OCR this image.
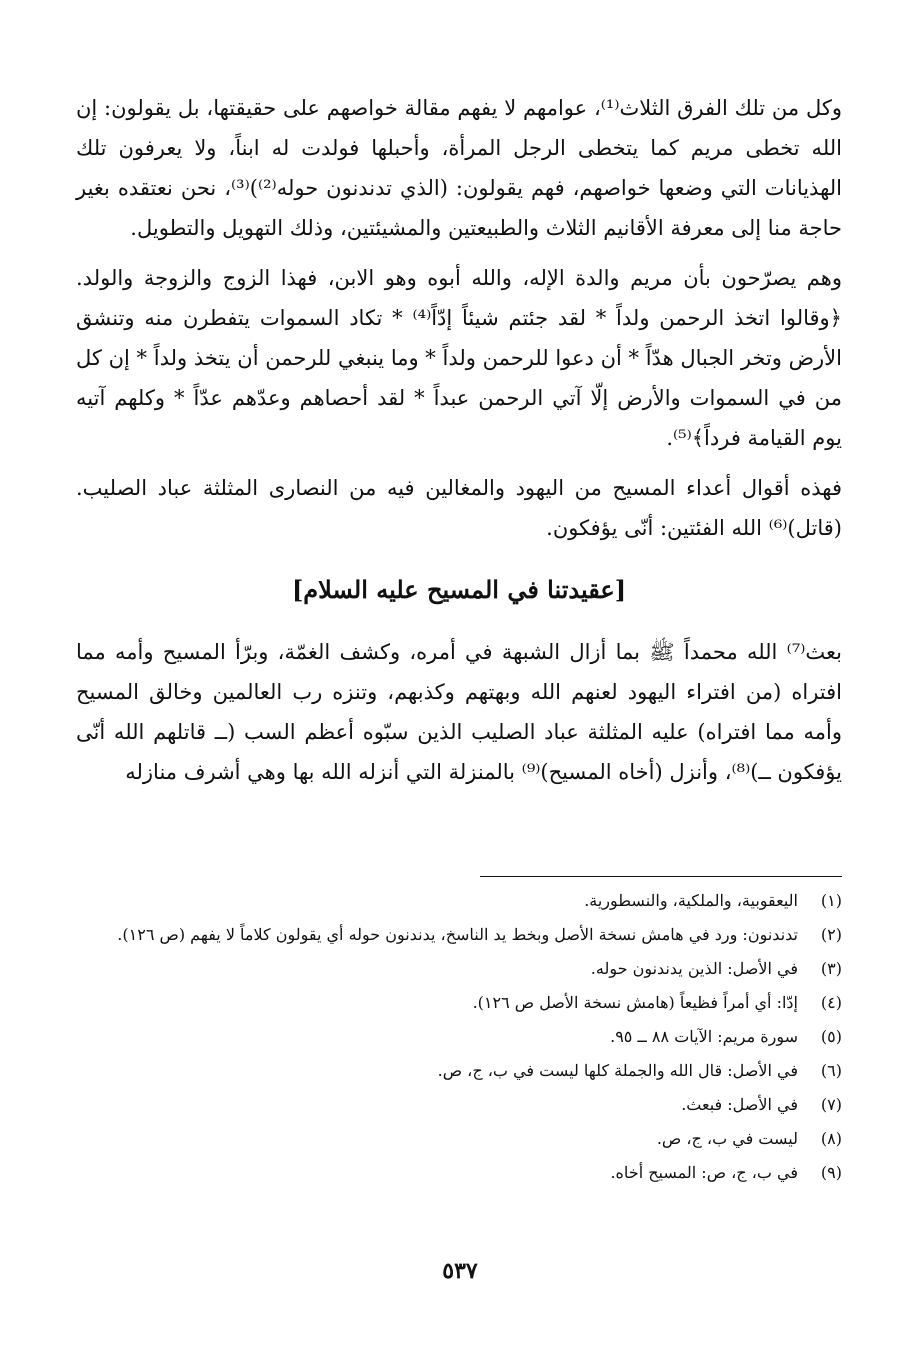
وكل من تلك الفرق الثلاث⁽¹⁾، عوامهم لا يفهم مقالة خواصهم على حقيقتها، بل يقولون: إن الله تخطى مريم كما يتخطى الرجل المرأة، وأحبلها فولدت له ابناً، ولا يعرفون تلك الهذيانات التي وضعها خواصهم، فهم يقولون: (الذي تدندنون حوله⁽²⁾)⁽³⁾، نحن نعتقده بغير حاجة منا إلى معرفة الأقانيم الثلاث والطبيعتين والمشيئتين، وذلك التهويل والتطويل.

وهم يصرّحون بأن مريم والدة الإله، والله أبوه وهو الابن، فهذا الزوج والزوجة والولد. ﴿وقالوا اتخذ الرحمن ولداً * لقد جئتم شيئاً إدّاً⁽⁴⁾ * تكاد السموات يتفطرن منه وتنشق الأرض وتخر الجبال هدّاً * أن دعوا للرحمن ولداً * وما ينبغي للرحمن أن يتخذ ولداً * إن كل من في السموات والأرض إلّا آتي الرحمن عبداً * لقد أحصاهم وعدّهم عدّاً * وكلهم آتيه يوم القيامة فرداً﴾⁽⁵⁾.

فهذه أقوال أعداء المسيح من اليهود والمغالين فيه من النصارى المثلثة عباد الصليب. (قاتل)⁽⁶⁾ الله الفئتين: أنّى يؤفكون.

[عقيدتنا في المسيح عليه السلام]

بعث⁽⁷⁾ الله محمداً ﷺ بما أزال الشبهة في أمره، وكشف الغمّة، وبرّأ المسيح وأمه مما افتراه (من افتراء اليهود لعنهم الله وبهتهم وكذبهم، وتنزه رب العالمين وخالق المسيح وأمه مما افتراه) عليه المثلثة عباد الصليب الذين سبّوه أعظم السب (ــ قاتلهم الله أنّى يؤفكون ــ)⁽⁸⁾، وأنزل (أخاه المسيح)⁽⁹⁾ بالمنزلة التي أنزله الله بها وهي أشرف منازله

(١)
اليعقوبية، والملكية، والنسطورية.
(٢)
تدندنون: ورد في هامش نسخة الأصل وبخط يد الناسخ، يدندنون حوله أي يقولون كلاماً لا يفهم (ص ١٢٦).
(٣)
في الأصل: الذين يدندنون حوله.
(٤)
إدّا: أي أمراً فظيعاً (هامش نسخة الأصل ص ١٢٦).
(٥)
سورة مريم: الآيات ٨٨ ــ ٩٥.
(٦)
في الأصل: قال الله والجملة كلها ليست في ب، ج، ص.
(٧)
في الأصل: فبعث.
(٨)
ليست في ب، ج، ص.
(٩)
في ب، ج، ص: المسيح أخاه.
٥٣٧
